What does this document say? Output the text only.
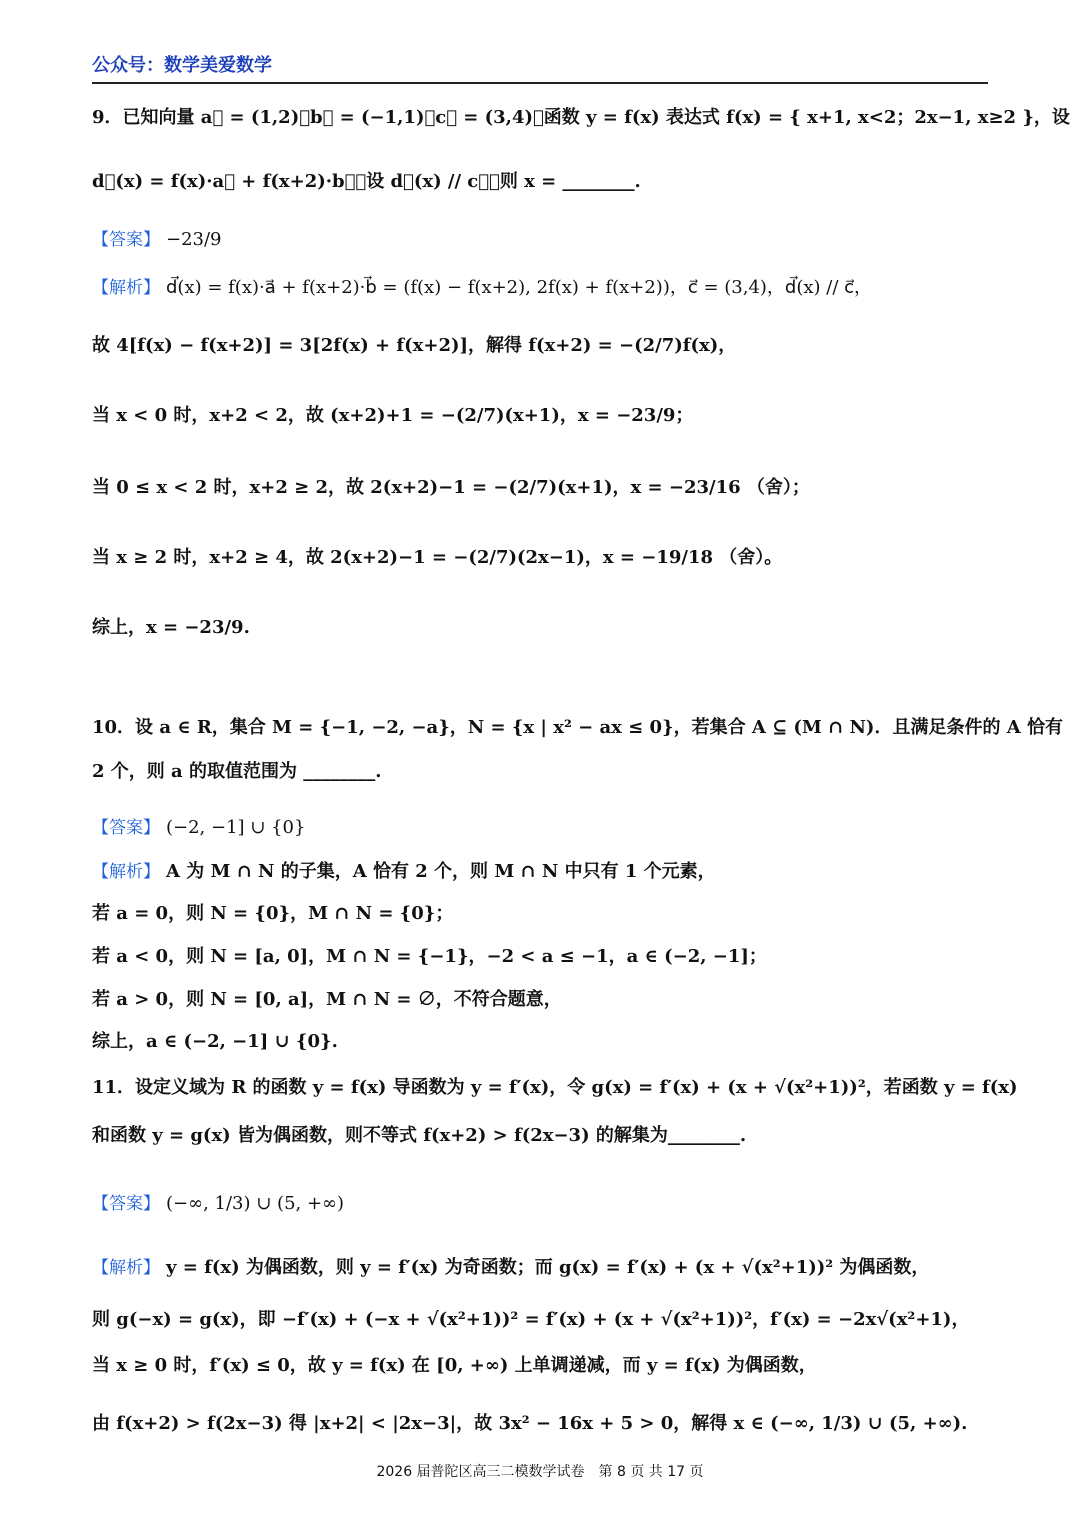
公众号：数学美爱数学
9．已知向量 a⃗ = (1,2)，b⃗ = (−1,1)，c⃗ = (3,4)，函数 y = f(x) 表达式 f(x) = { x+1, x<2；2x−1, x≥2 }，设
d⃗(x) = f(x)·a⃗ + f(x+2)·b⃗，设 d⃗(x) // c⃗，则 x = ________.
【答案】 −23/9
【解析】 d⃗(x) = f(x)·a⃗ + f(x+2)·b⃗ = (f(x) − f(x+2), 2f(x) + f(x+2))，c⃗ = (3,4)，d⃗(x) // c⃗，
故 4[f(x) − f(x+2)] = 3[2f(x) + f(x+2)]，解得 f(x+2) = −(2/7)f(x)，
当 x < 0 时，x+2 < 2，故 (x+2)+1 = −(2/7)(x+1)，x = −23/9；
当 0 ≤ x < 2 时，x+2 ≥ 2，故 2(x+2)−1 = −(2/7)(x+1)，x = −23/16 （舍）；
当 x ≥ 2 时，x+2 ≥ 4，故 2(x+2)−1 = −(2/7)(2x−1)，x = −19/18 （舍）。
综上，x = −23/9.
10．设 a ∈ R，集合 M = {−1, −2, −a}，N = {x | x² − ax ≤ 0}，若集合 A ⊆ (M ∩ N)．且满足条件的 A 恰有
2 个，则 a 的取值范围为 ________.
【答案】 (−2, −1] ∪ {0}
【解析】 A 为 M ∩ N 的子集，A 恰有 2 个，则 M ∩ N 中只有 1 个元素，
若 a = 0，则 N = {0}，M ∩ N = {0}；
若 a < 0，则 N = [a, 0]，M ∩ N = {−1}，−2 < a ≤ −1，a ∈ (−2, −1]；
若 a > 0，则 N = [0, a]，M ∩ N = ∅，不符合题意，
综上，a ∈ (−2, −1] ∪ {0}.
11．设定义域为 R 的函数 y = f(x) 导函数为 y = f′(x)，令 g(x) = f′(x) + (x + √(x²+1))²，若函数 y = f(x)
和函数 y = g(x) 皆为偶函数，则不等式 f(x+2) > f(2x−3) 的解集为________.
【答案】 (−∞, 1/3) ∪ (5, +∞)
【解析】 y = f(x) 为偶函数，则 y = f′(x) 为奇函数；而 g(x) = f′(x) + (x + √(x²+1))² 为偶函数，
则 g(−x) = g(x)，即 −f′(x) + (−x + √(x²+1))² = f′(x) + (x + √(x²+1))²，f′(x) = −2x√(x²+1)，
当 x ≥ 0 时，f′(x) ≤ 0，故 y = f(x) 在 [0, +∞) 上单调递减，而 y = f(x) 为偶函数，
由 f(x+2) > f(2x−3) 得 |x+2| < |2x−3|，故 3x² − 16x + 5 > 0，解得 x ∈ (−∞, 1/3) ∪ (5, +∞).
2026 届普陀区高三二模数学试卷　第 8 页 共 17 页
